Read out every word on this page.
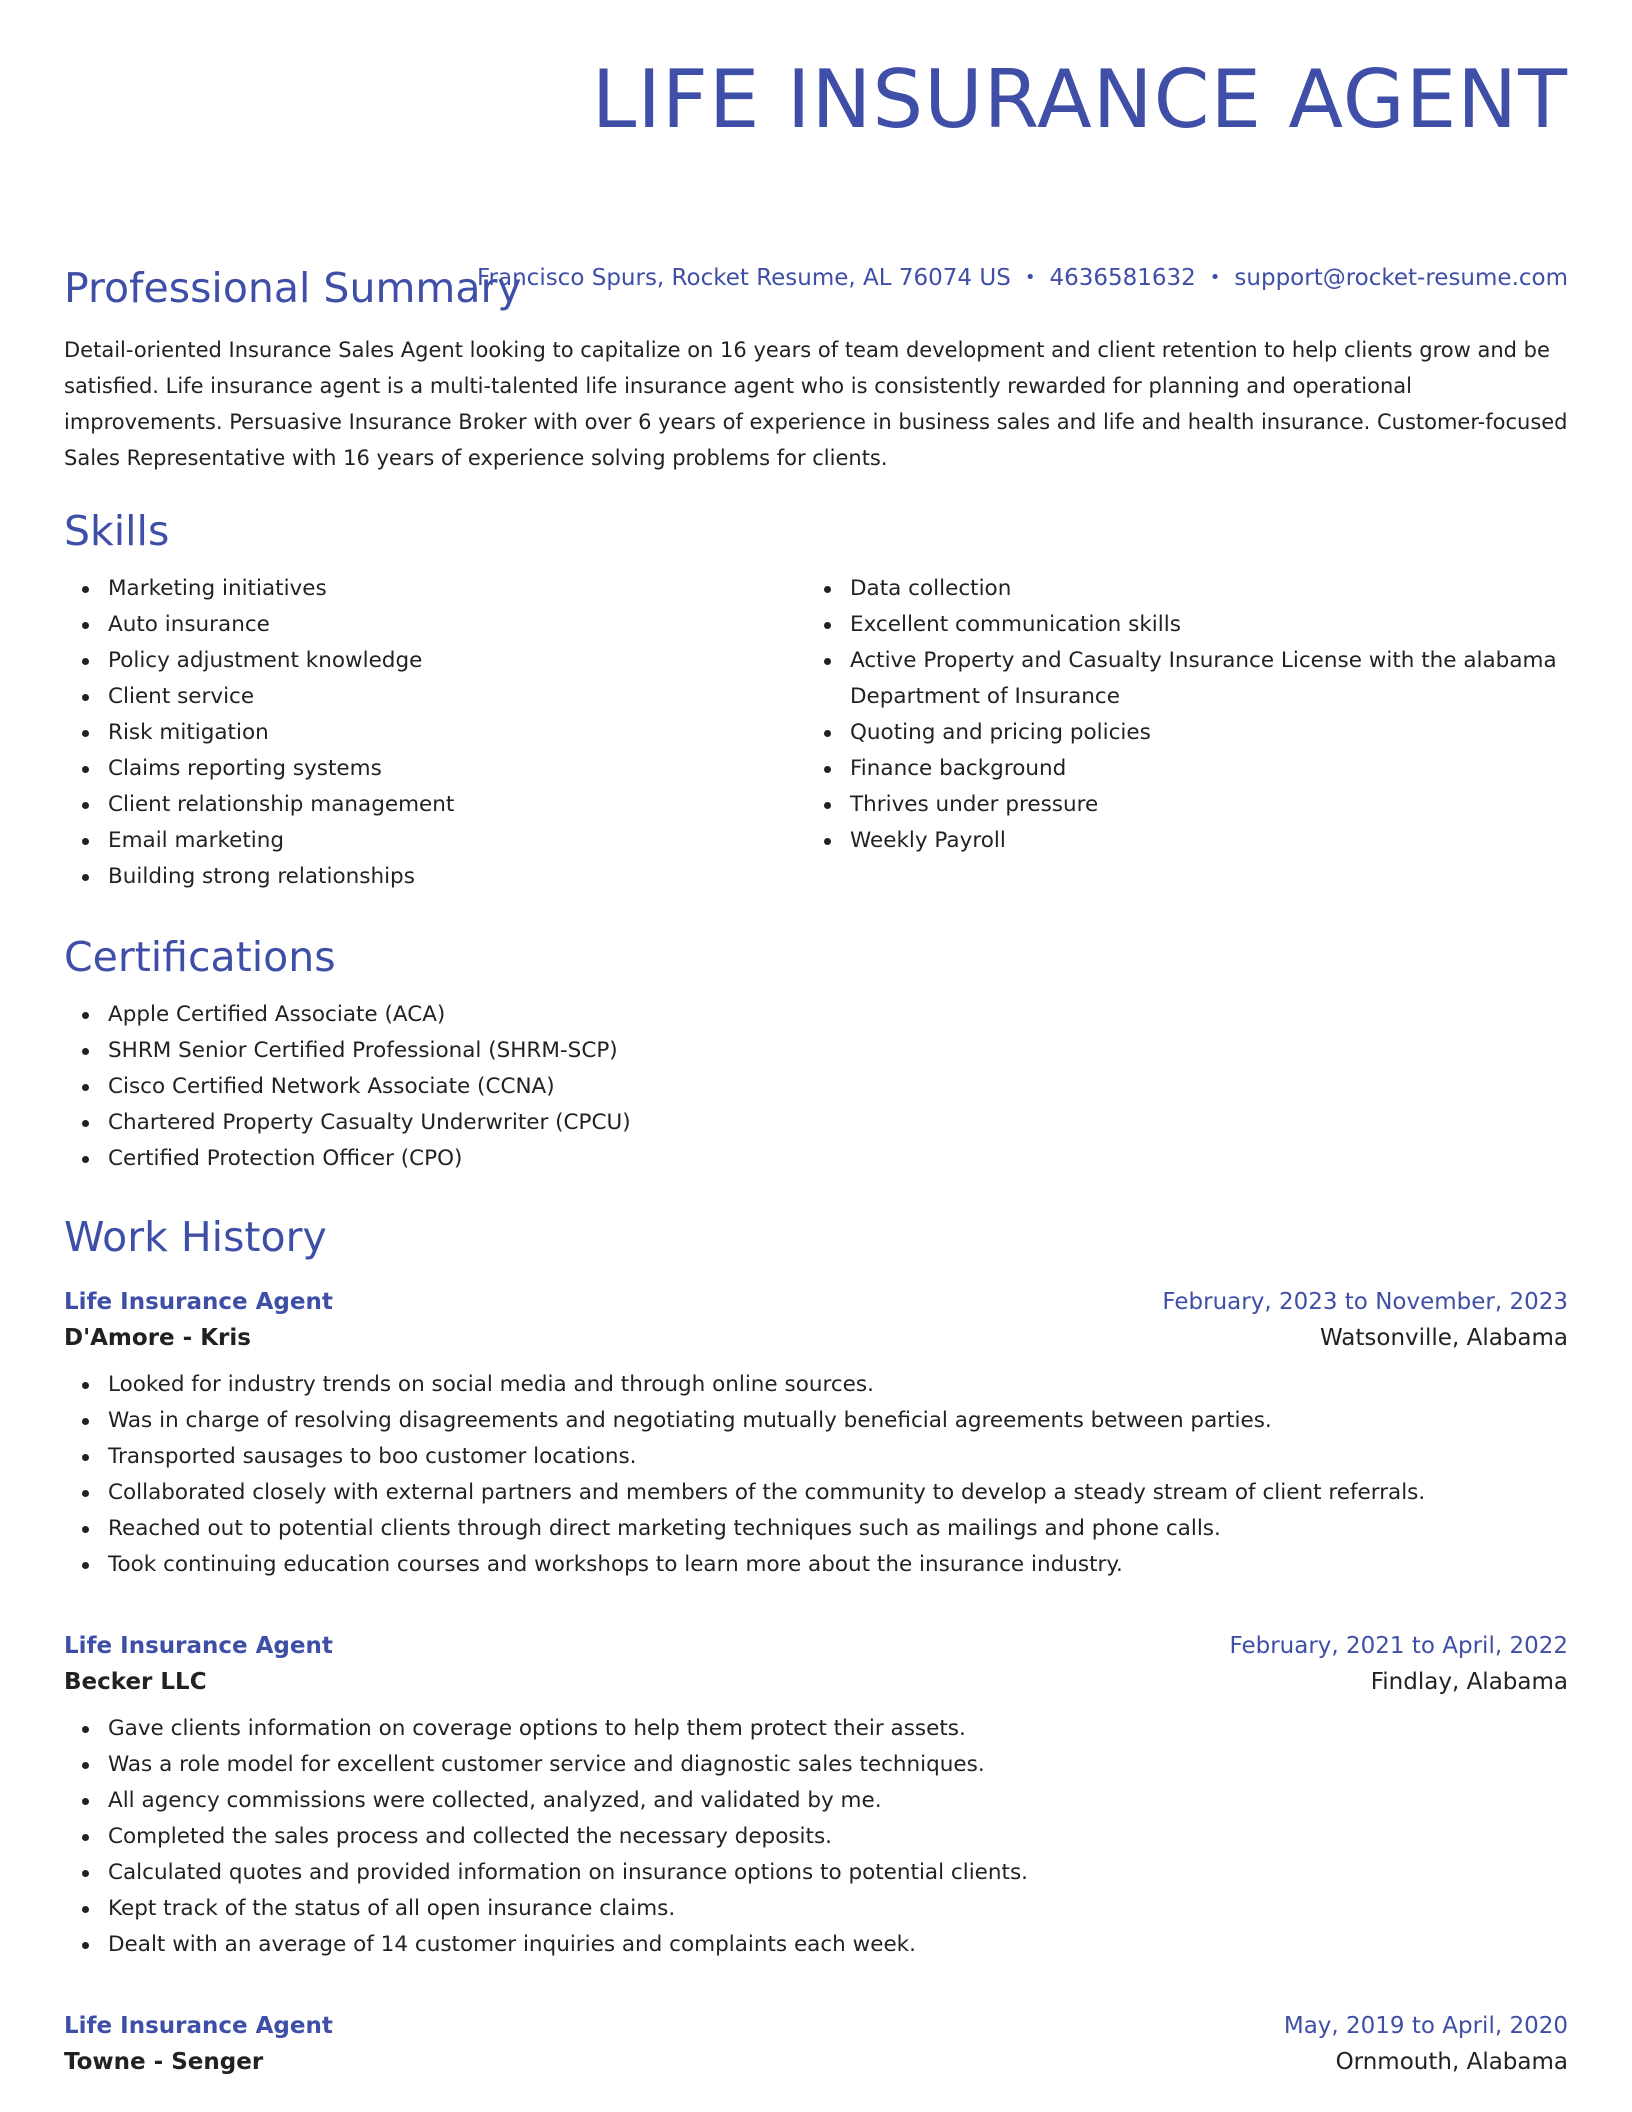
LIFE INSURANCE AGENT
Francisco Spurs, Rocket Resume, AL 76074 US • 4636581632 • support@rocket-resume.com
Professional Summary

Detail-oriented Insurance Sales Agent looking to capitalize on 16 years of team development and client retention to help clients grow and be satisfied. Life insurance agent is a multi-talented life insurance agent who is consistently rewarded for planning and operational improvements. Persuasive Insurance Broker with over 6 years of experience in business sales and life and health insurance. Customer-focused Sales Representative with 16 years of experience solving problems for clients.

Skills
Marketing initiatives
Auto insurance
Policy adjustment knowledge
Client service
Risk mitigation
Claims reporting systems
Client relationship management
Email marketing
Building strong relationships
Data collection
Excellent communication skills
Active Property and Casualty Insurance License with the alabama Department of Insurance
Quoting and pricing policies
Finance background
Thrives under pressure
Weekly Payroll
Certifications
Apple Certified Associate (ACA)
SHRM Senior Certified Professional (SHRM-SCP)
Cisco Certified Network Associate (CCNA)
Chartered Property Casualty Underwriter (CPCU)
Certified Protection Officer (CPO)
Work History
Life Insurance Agent	February, 2023 to November, 2023
D'Amore - Kris	Watsonville, Alabama
Looked for industry trends on social media and through online sources.
Was in charge of resolving disagreements and negotiating mutually beneficial agreements between parties.
Transported sausages to boo customer locations.
Collaborated closely with external partners and members of the community to develop a steady stream of client referrals.
Reached out to potential clients through direct marketing techniques such as mailings and phone calls.
Took continuing education courses and workshops to learn more about the insurance industry.
Life Insurance Agent	February, 2021 to April, 2022
Becker LLC	Findlay, Alabama
Gave clients information on coverage options to help them protect their assets.
Was a role model for excellent customer service and diagnostic sales techniques.
All agency commissions were collected, analyzed, and validated by me.
Completed the sales process and collected the necessary deposits.
Calculated quotes and provided information on insurance options to potential clients.
Kept track of the status of all open insurance claims.
Dealt with an average of 14 customer inquiries and complaints each week.
Life Insurance Agent	May, 2019 to April, 2020
Towne - Senger	Ornmouth, Alabama
